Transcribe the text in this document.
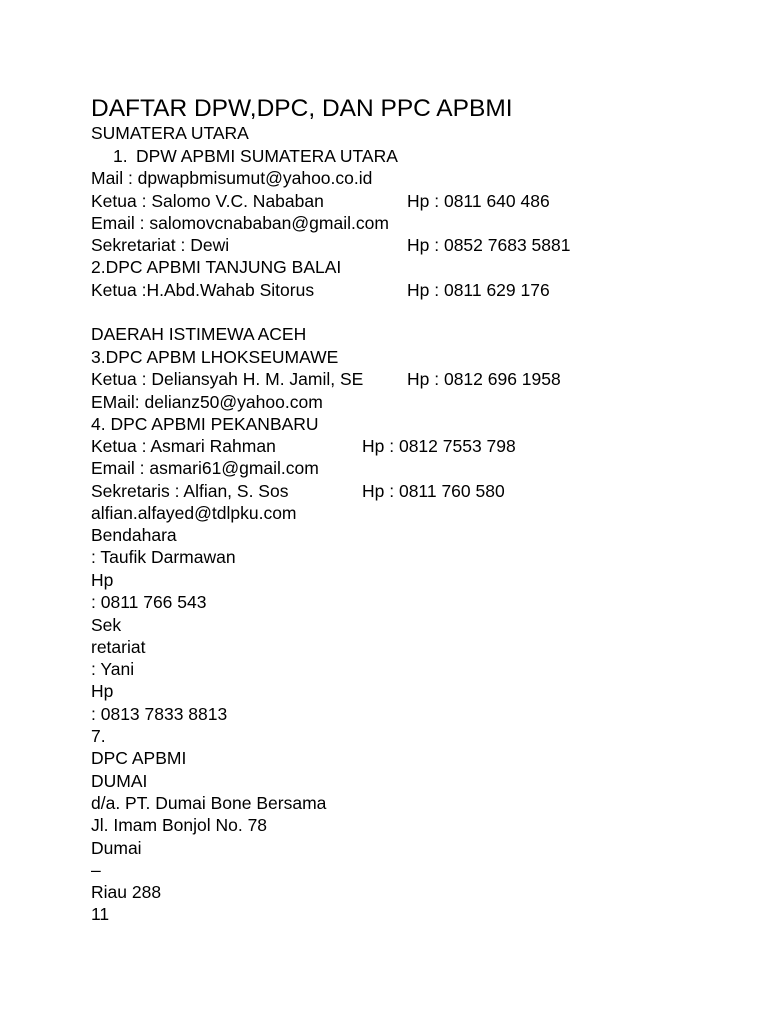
DAFTAR DPW,DPC, DAN PPC APBMI
SUMATERA UTARA
1. DPW APBMI SUMATERA UTARA
Mail : dpwapbmisumut@yahoo.co.id
Ketua : Salomo V.C. Nababan	Hp : 0811 640 486
Email : salomovcnababan@gmail.com
Sekretariat : Dewi	Hp : 0852 7683 5881
2.DPC APBMI TANJUNG BALAI
Ketua :H.Abd.Wahab Sitorus	Hp : 0811 629 176
DAERAH ISTIMEWA ACEH
3.DPC APBM LHOKSEUMAWE
Ketua : Deliansyah H. M. Jamil, SE Hp : 0812 696 1958
EMail: delianz50@yahoo.com
4. DPC APBMI PEKANBARU
Ketua : Asmari Rahman	Hp : 0812 7553 798
Email : asmari61@gmail.com
Sekretaris : Alfian, S. Sos	Hp : 0811 760 580
alfian.alfayed@tdlpku.com
Bendahara
: Taufik Darmawan
Hp
: 0811 766 543
Sek
retariat
: Yani
Hp
: 0813 7833 8813
7.
DPC APBMI
DUMAI
d/a. PT. Dumai Bone Bersama
Jl. Imam Bonjol No. 78
Dumai
–
Riau 288
11
